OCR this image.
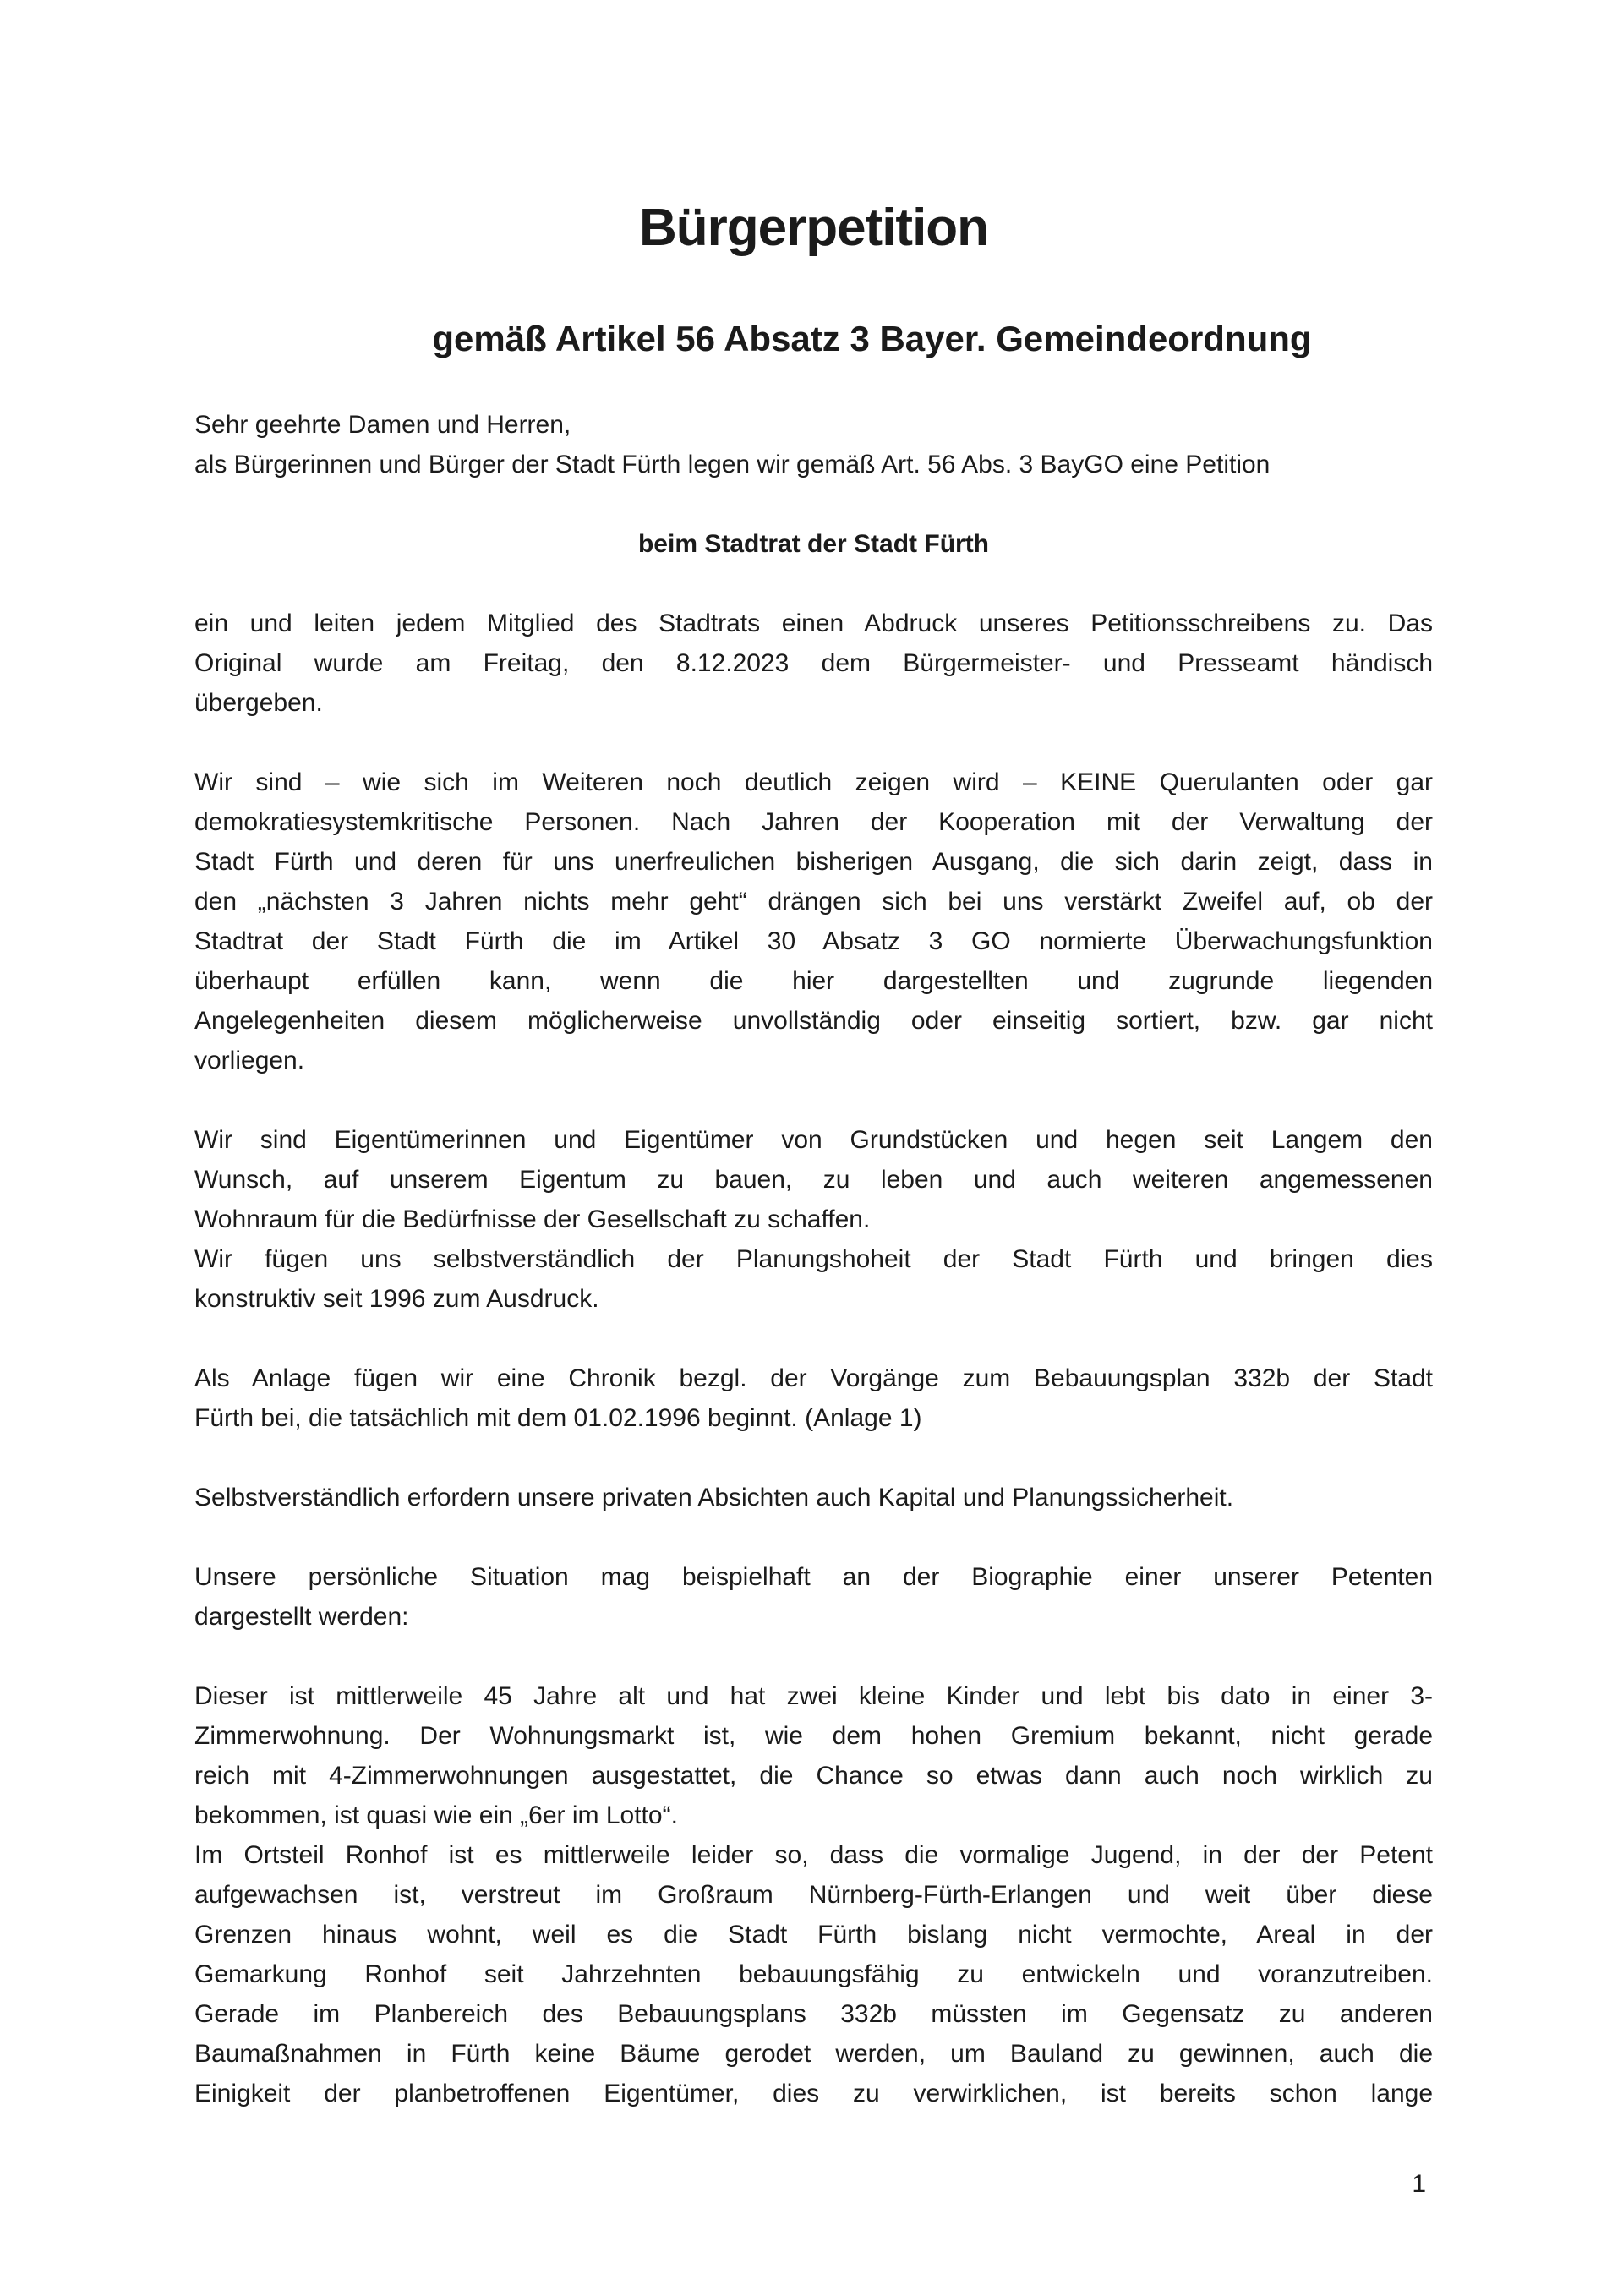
Bürgerpetition
gemäß Artikel 56 Absatz 3 Bayer. Gemeindeordnung
Sehr geehrte Damen und Herren,
als Bürgerinnen und Bürger der Stadt Fürth legen wir gemäß Art. 56 Abs. 3 BayGO eine Petition
beim Stadtrat der Stadt Fürth
ein und leiten jedem Mitglied des Stadtrats einen Abdruck unseres Petitionsschreibens zu. Das
Original wurde am Freitag, den 8.12.2023 dem Bürgermeister- und Presseamt händisch
übergeben.
Wir sind – wie sich im Weiteren noch deutlich zeigen wird – KEINE Querulanten oder gar
demokratiesystemkritische Personen. Nach Jahren der Kooperation mit der Verwaltung der
Stadt Fürth und deren für uns unerfreulichen bisherigen Ausgang, die sich darin zeigt, dass in
den „nächsten 3 Jahren nichts mehr geht“ drängen sich bei uns verstärkt Zweifel auf, ob der
Stadtrat der Stadt Fürth die im Artikel 30 Absatz 3 GO normierte Überwachungsfunktion
überhaupt erfüllen kann, wenn die hier dargestellten und zugrunde liegenden
Angelegenheiten diesem möglicherweise unvollständig oder einseitig sortiert, bzw. gar nicht
vorliegen.
Wir sind Eigentümerinnen und Eigentümer von Grundstücken und hegen seit Langem den
Wunsch, auf unserem Eigentum zu bauen, zu leben und auch weiteren angemessenen
Wohnraum für die Bedürfnisse der Gesellschaft zu schaffen.
Wir fügen uns selbstverständlich der Planungshoheit der Stadt Fürth und bringen dies
konstruktiv seit 1996 zum Ausdruck.
Als Anlage fügen wir eine Chronik bezgl. der Vorgänge zum Bebauungsplan 332b der Stadt
Fürth bei, die tatsächlich mit dem 01.02.1996 beginnt. (Anlage 1)
Selbstverständlich erfordern unsere privaten Absichten auch Kapital und Planungssicherheit.
Unsere persönliche Situation mag beispielhaft an der Biographie einer unserer Petenten
dargestellt werden:
Dieser ist mittlerweile 45 Jahre alt und hat zwei kleine Kinder und lebt bis dato in einer 3-
Zimmerwohnung. Der Wohnungsmarkt ist, wie dem hohen Gremium bekannt, nicht gerade
reich mit 4-Zimmerwohnungen ausgestattet, die Chance so etwas dann auch noch wirklich zu
bekommen, ist quasi wie ein „6er im Lotto“.
Im Ortsteil Ronhof ist es mittlerweile leider so, dass die vormalige Jugend, in der der Petent
aufgewachsen ist, verstreut im Großraum Nürnberg-Fürth-Erlangen und weit über diese
Grenzen hinaus wohnt, weil es die Stadt Fürth bislang nicht vermochte, Areal in der
Gemarkung Ronhof seit Jahrzehnten bebauungsfähig zu entwickeln und voranzutreiben.
Gerade im Planbereich des Bebauungsplans 332b müssten im Gegensatz zu anderen
Baumaßnahmen in Fürth keine Bäume gerodet werden, um Bauland zu gewinnen, auch die
Einigkeit der planbetroffenen Eigentümer, dies zu verwirklichen, ist bereits schon lange
1
